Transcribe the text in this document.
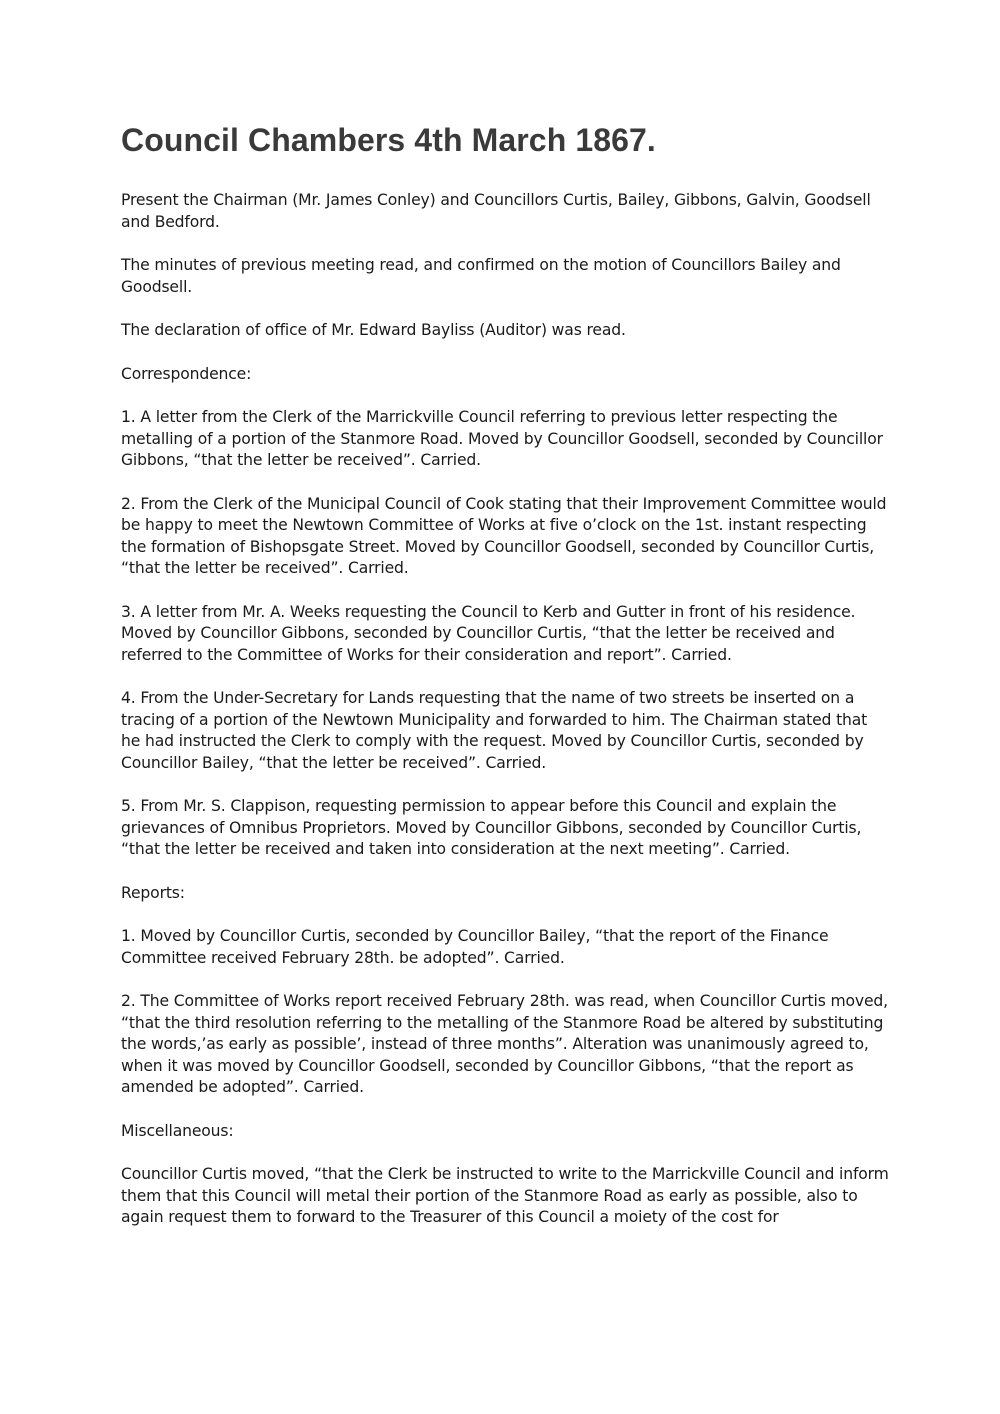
Council Chambers 4th March 1867.

Present the Chairman (Mr. James Conley) and Councillors Curtis, Bailey, Gibbons, Galvin, Goodsell and Bedford.

The minutes of previous meeting read, and confirmed on the motion of Councillors Bailey and Goodsell.

The declaration of office of Mr. Edward Bayliss (Auditor) was read.

Correspondence:

1. A letter from the Clerk of the Marrickville Council referring to previous letter respecting the metalling of a portion of the Stanmore Road. Moved by Councillor Goodsell, seconded by Councillor Gibbons, “that the letter be received”. Carried.

2. From the Clerk of the Municipal Council of Cook stating that their Improvement Committee would be happy to meet the Newtown Committee of Works at five o’clock on the 1st. instant respecting the formation of Bishopsgate Street. Moved by Councillor Goodsell, seconded by Councillor Curtis, “that the letter be received”. Carried.

3. A letter from Mr. A. Weeks requesting the Council to Kerb and Gutter in front of his residence. Moved by Councillor Gibbons, seconded by Councillor Curtis, “that the letter be received and referred to the Committee of Works for their consideration and report”. Carried.

4. From the Under-Secretary for Lands requesting that the name of two streets be inserted on a tracing of a portion of the Newtown Municipality and forwarded to him. The Chairman stated that he had instructed the Clerk to comply with the request. Moved by Councillor Curtis, seconded by Councillor Bailey, “that the letter be received”. Carried.

5. From Mr. S. Clappison, requesting permission to appear before this Council and explain the grievances of Omnibus Proprietors. Moved by Councillor Gibbons, seconded by Councillor Curtis, “that the letter be received and taken into consideration at the next meeting”. Carried.

Reports:

1. Moved by Councillor Curtis, seconded by Councillor Bailey, “that the report of the Finance Committee received February 28th. be adopted”. Carried.

2. The Committee of Works report received February 28th. was read, when Councillor Curtis moved, “that the third resolution referring to the metalling of the Stanmore Road be altered by substituting the words,’as early as possible’, instead of three months”. Alteration was unanimously agreed to, when it was moved by Councillor Goodsell, seconded by Councillor Gibbons, “that the report as amended be adopted”. Carried.

Miscellaneous:

Councillor Curtis moved, “that the Clerk be instructed to write to the Marrickville Council and inform them that this Council will metal their portion of the Stanmore Road as early as possible, also to again request them to forward to the Treasurer of this Council a moiety of the cost for
